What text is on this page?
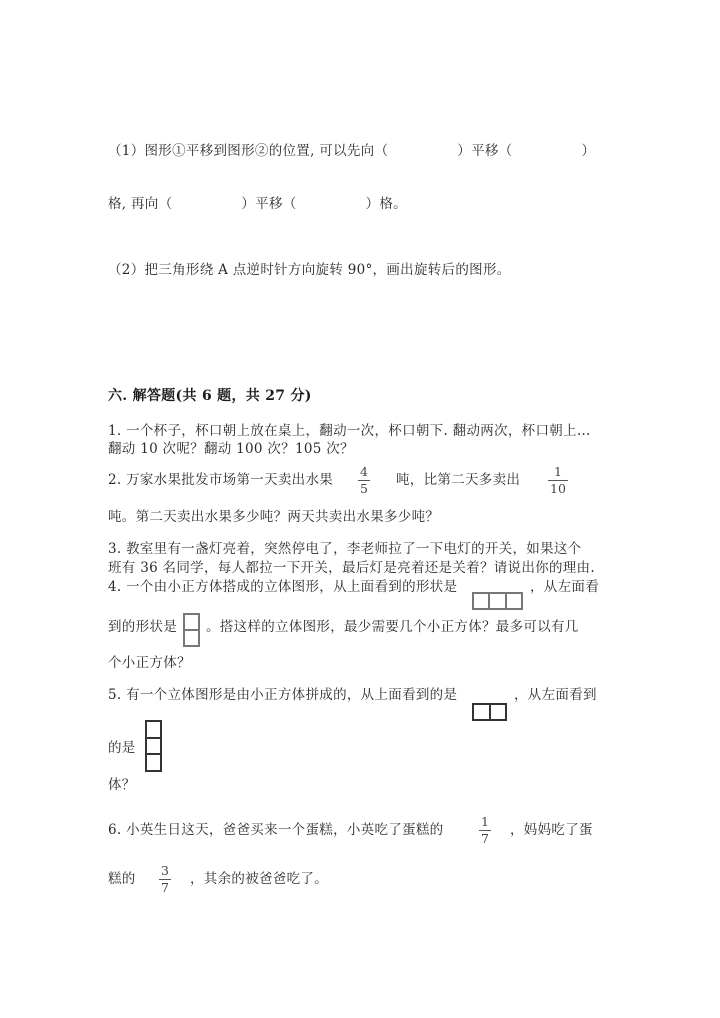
（1）图形①平移到图形②的位置, 可以先向（　　　　　）平移（　　　　　）
格, 再向（　　　　　）平移（　　　　　）格。
（2）把三角形绕 A 点逆时针方向旋转 90°，画出旋转后的图形。
六. 解答题(共 6 题，共 27 分)
1. 一个杯子，杯口朝上放在桌上，翻动一次，杯口朝下. 翻动两次，杯口朝上…
翻动 10 次呢？翻动 100 次？105 次？
2. 万家水果批发市场第一天卖出水果
4
5
吨，比第二天多卖出
1
10
吨。第二天卖出水果多少吨？两天共卖出水果多少吨？
3. 教室里有一盏灯亮着，突然停电了，李老师拉了一下电灯的开关，如果这个
班有 36 名同学，每人都拉一下开关，最后灯是亮着还是关着？请说出你的理由.
4. 一个由小正方体搭成的立体图形，从上面看到的形状是	，从左面看
到的形状是 。搭这样的立体图形，最少需要几个小正方体？最多可以有几
个小正方体？
5. 有一个立体图形是由小正方体拼成的，从上面看到的是	，从左面看到
的是
体？
6. 小英生日这天，爸爸买来一个蛋糕，小英吃了蛋糕的
1
7
，妈妈吃了蛋
糕的
3
7
，其余的被爸爸吃了。
